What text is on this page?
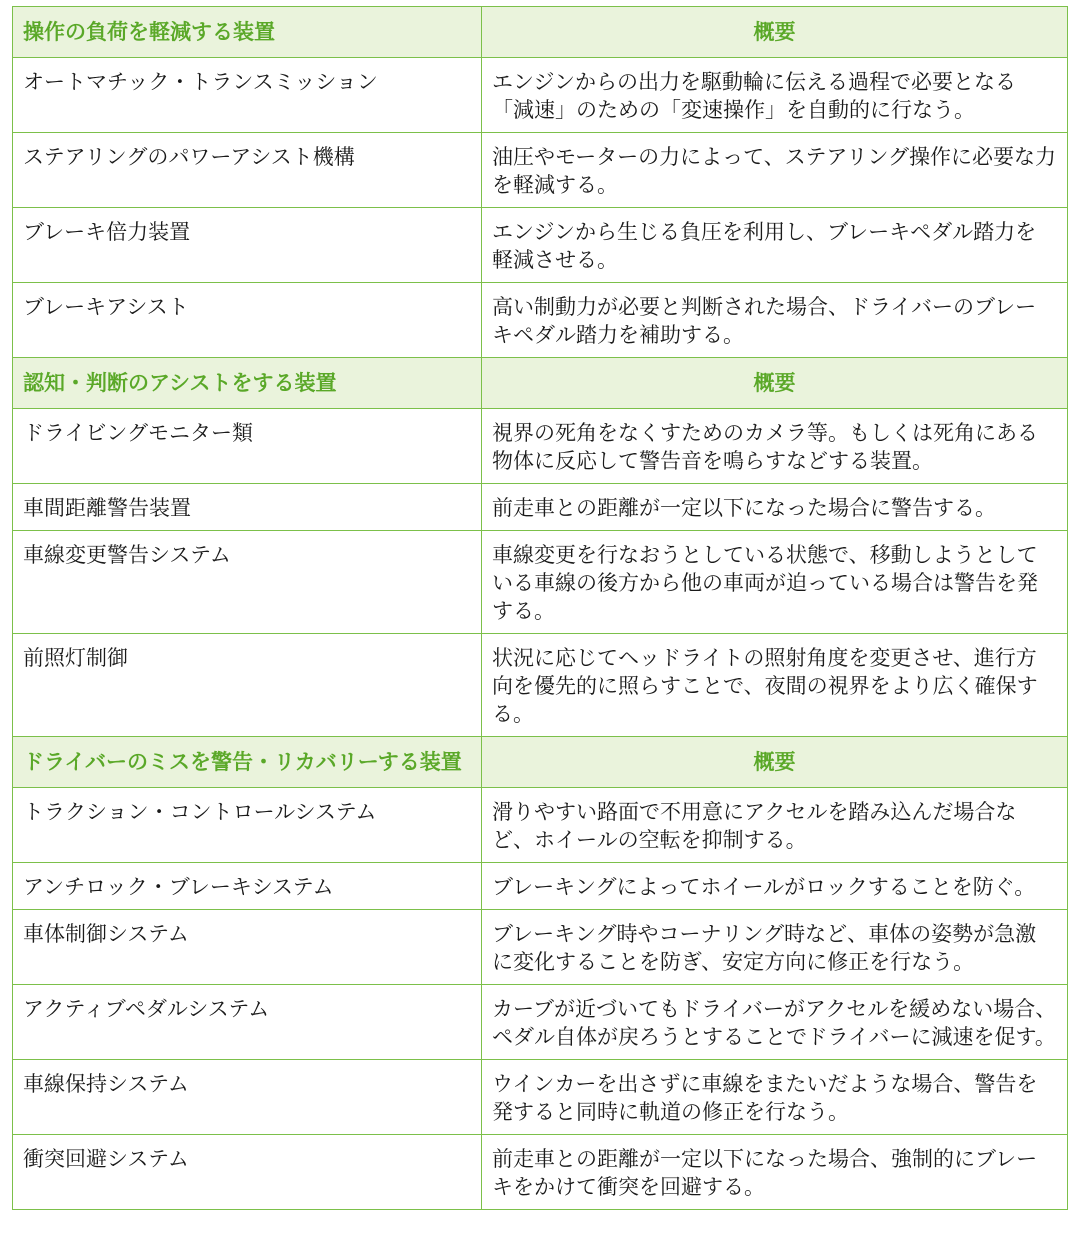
操作の負荷を軽減する装置	概要
オートマチック・トランスミッション	エンジンからの出力を駆動輪に伝える過程で必要となる「減速」のための「変速操作」を自動的に行なう。
ステアリングのパワーアシスト機構	油圧やモーターの力によって、ステアリング操作に必要な力を軽減する。
ブレーキ倍力装置	エンジンから生じる負圧を利用し、ブレーキペダル踏力を軽減させる。
ブレーキアシスト	高い制動力が必要と判断された場合、ドライバーのブレーキペダル踏力を補助する。
認知・判断のアシストをする装置	概要
ドライビングモニター類	視界の死角をなくすためのカメラ等。もしくは死角にある物体に反応して警告音を鳴らすなどする装置。
車間距離警告装置	前走車との距離が一定以下になった場合に警告する。
車線変更警告システム	車線変更を行なおうとしている状態で、移動しようとしている車線の後方から他の車両が迫っている場合は警告を発する。
前照灯制御	状況に応じてヘッドライトの照射角度を変更させ、進行方向を優先的に照らすことで、夜間の視界をより広く確保する。
ドライバーのミスを警告・リカバリーする装置	概要
トラクション・コントロールシステム	滑りやすい路面で不用意にアクセルを踏み込んだ場合など、ホイールの空転を抑制する。
アンチロック・ブレーキシステム	ブレーキングによってホイールがロックすることを防ぐ。
車体制御システム	ブレーキング時やコーナリング時など、車体の姿勢が急激に変化することを防ぎ、安定方向に修正を行なう。
アクティブペダルシステム	カーブが近づいてもドライバーがアクセルを緩めない場合、ペダル自体が戻ろうとすることでドライバーに減速を促す。
車線保持システム	ウインカーを出さずに車線をまたいだような場合、警告を発すると同時に軌道の修正を行なう。
衝突回避システム	前走車との距離が一定以下になった場合、強制的にブレーキをかけて衝突を回避する。
